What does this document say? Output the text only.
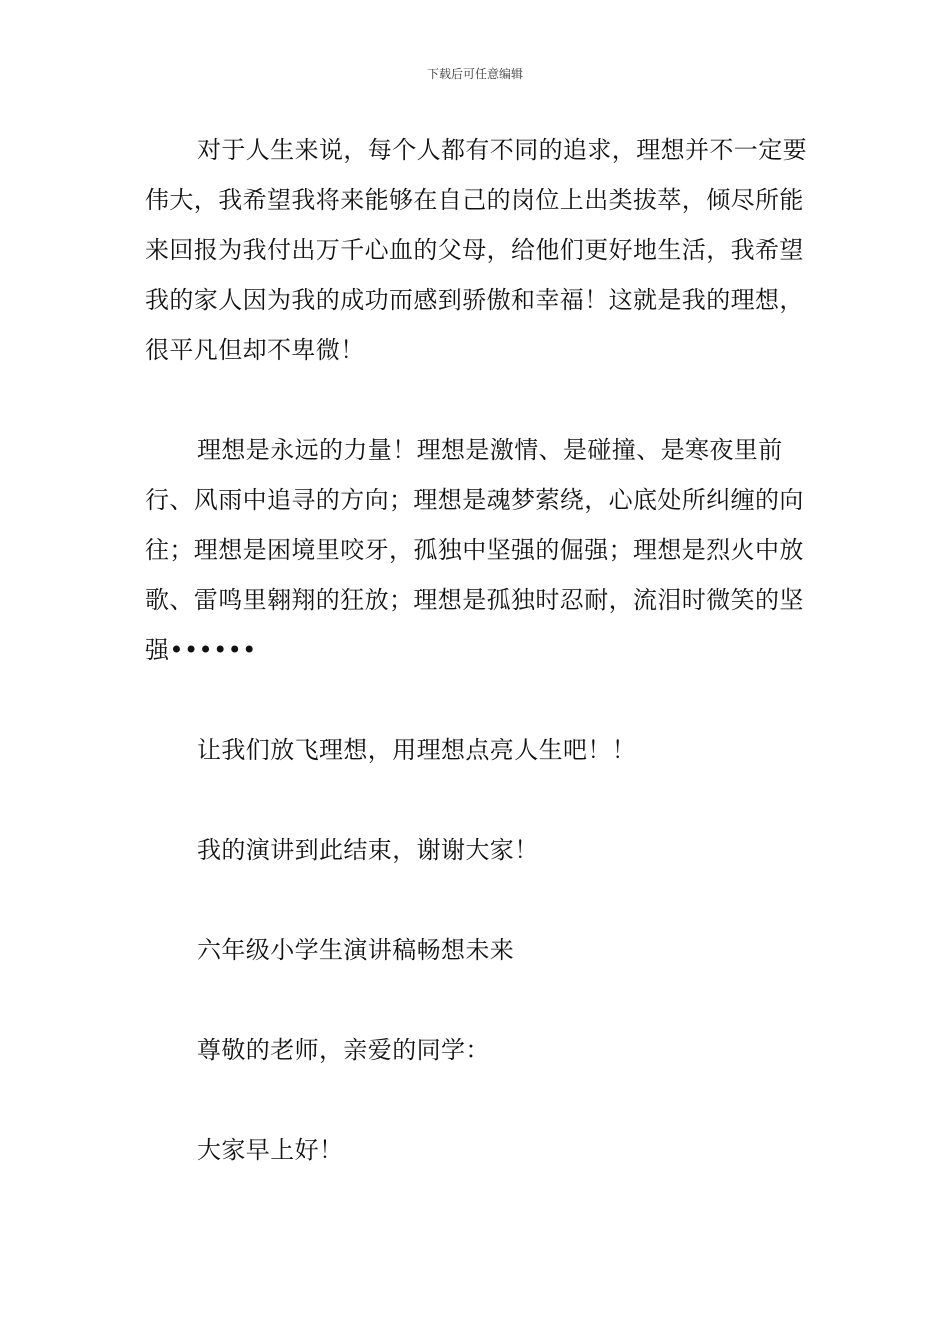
下载后可任意编辑

对于人生来说，每个人都有不同的追求，理想并不一定要伟大，我希望我将来能够在自己的岗位上出类拔萃，倾尽所能来回报为我付出万千心血的父母，给他们更好地生活，我希望我的家人因为我的成功而感到骄傲和幸福！这就是我的理想，很平凡但却不卑微！

理想是永远的力量！理想是激情、是碰撞、是寒夜里前行、风雨中追寻的方向；理想是魂梦萦绕，心底处所纠缠的向往；理想是困境里咬牙，孤独中坚强的倔强；理想是烈火中放歌、雷鸣里翱翔的狂放；理想是孤独时忍耐，流泪时微笑的坚强••••••

让我们放飞理想，用理想点亮人生吧！！

我的演讲到此结束，谢谢大家！

六年级小学生演讲稿畅想未来

尊敬的老师，亲爱的同学：

大家早上好！
